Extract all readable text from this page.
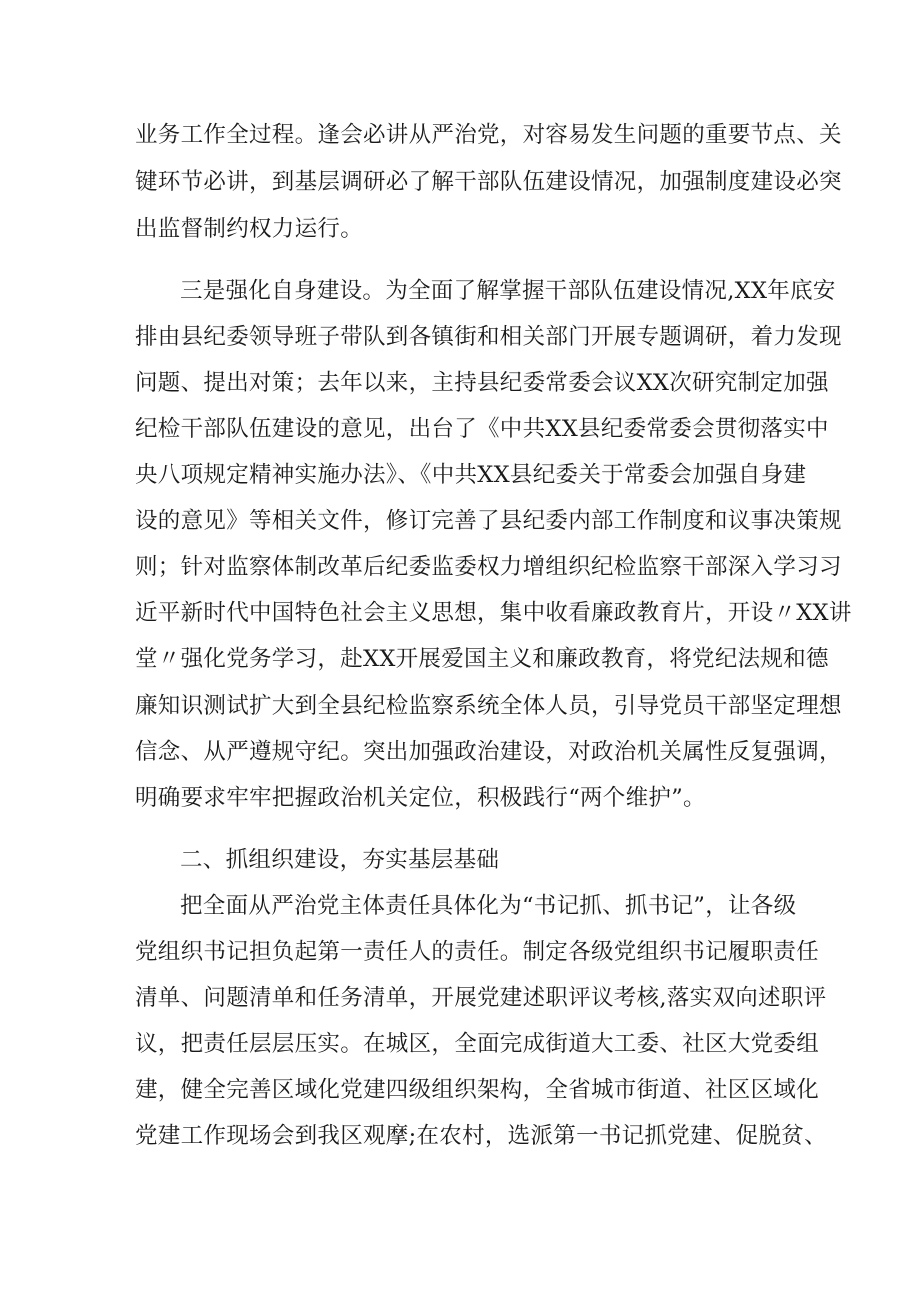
业务工作全过程。逢会必讲从严治党，对容易发生问题的重要节点、关
键环节必讲，到基层调研必了解干部队伍建设情况，加强制度建设必突
出监督制约权力运行。
三是强化自身建设。为全面了解掌握干部队伍建设情况,XX年底安
排由县纪委领导班子带队到各镇街和相关部门开展专题调研，着力发现
问题、提出对策；去年以来，主持县纪委常委会议XX次研究制定加强
纪检干部队伍建设的意见，出台了《中共XX县纪委常委会贯彻落实中
央八项规定精神实施办法》、《中共XX县纪委关于常委会加强自身建
设的意见》等相关文件，修订完善了县纪委内部工作制度和议事决策规
则；针对监察体制改革后纪委监委权力增组织纪检监察干部深入学习习
近平新时代中国特色社会主义思想，集中收看廉政教育片，开设〃XX讲
堂〃强化党务学习，赴XX开展爱国主义和廉政教育，将党纪法规和德
廉知识测试扩大到全县纪检监察系统全体人员，引导党员干部坚定理想
信念、从严遵规守纪。突出加强政治建设，对政治机关属性反复强调，
明确要求牢牢把握政治机关定位，积极践行“两个维护”。
二、抓组织建设，夯实基层基础
把全面从严治党主体责任具体化为“书记抓、抓书记”，让各级
党组织书记担负起第一责任人的责任。制定各级党组织书记履职责任
清单、问题清单和任务清单，开展党建述职评议考核,落实双向述职评
议，把责任层层压实。在城区，全面完成街道大工委、社区大党委组
建，健全完善区域化党建四级组织架构，全省城市街道、社区区域化
党建工作现场会到我区观摩;在农村，选派第一书记抓党建、促脱贫、
